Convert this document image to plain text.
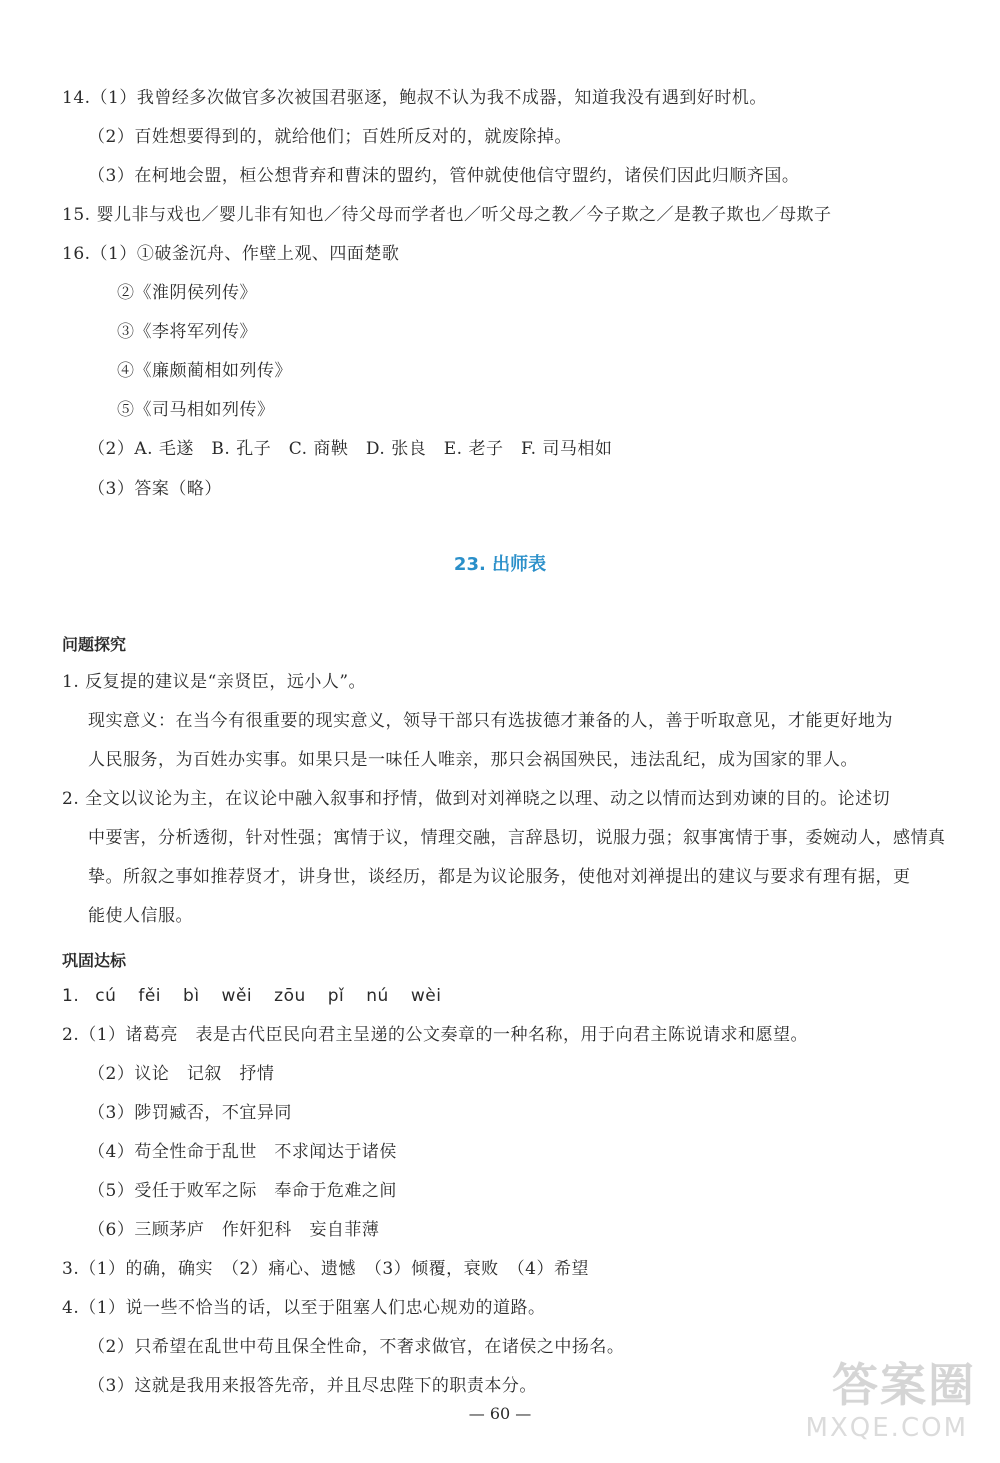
14.（1）我曾经多次做官多次被国君驱逐，鲍叔不认为我不成器，知道我没有遇到好时机。
（2）百姓想要得到的，就给他们；百姓所反对的，就废除掉。
（3）在柯地会盟，桓公想背弃和曹沫的盟约，管仲就使他信守盟约，诸侯们因此归顺齐国。
15. 婴儿非与戏也／婴儿非有知也／待父母而学者也／听父母之教／今子欺之／是教子欺也／母欺子
16.（1）①破釜沉舟、作壁上观、四面楚歌
②《淮阴侯列传》
③《李将军列传》
④《廉颇蔺相如列传》
⑤《司马相如列传》
（2）A. 毛遂　B. 孔子　C. 商鞅　D. 张良　E. 老子　F. 司马相如
（3）答案（略）
23. 出师表
问题探究
1. 反复提的建议是“亲贤臣，远小人”。
现实意义：在当今有很重要的现实意义，领导干部只有选拔德才兼备的人，善于听取意见，才能更好地为
人民服务，为百姓办实事。如果只是一味任人唯亲，那只会祸国殃民，违法乱纪，成为国家的罪人。
2. 全文以议论为主，在议论中融入叙事和抒情，做到对刘禅晓之以理、动之以情而达到劝谏的目的。论述切
中要害，分析透彻，针对性强；寓情于议，情理交融，言辞恳切，说服力强；叙事寓情于事，委婉动人，感情真
挚。所叙之事如推荐贤才，讲身世，谈经历，都是为议论服务，使他对刘禅提出的建议与要求有理有据，更
能使人信服。
巩固达标
1. cú fěi bì wěi zōu pǐ nú wèi
2.（1）诸葛亮　表是古代臣民向君主呈递的公文奏章的一种名称，用于向君主陈说请求和愿望。
（2）议论　记叙　抒情
（3）陟罚臧否，不宜异同
（4）苟全性命于乱世　不求闻达于诸侯
（5）受任于败军之际　奉命于危难之间
（6）三顾茅庐　作奸犯科　妄自菲薄
3.（1）的确，确实　（2）痛心、遗憾　（3）倾覆，衰败　（4）希望
4.（1）说一些不恰当的话，以至于阻塞人们忠心规劝的道路。
（2）只希望在乱世中苟且保全性命，不奢求做官，在诸侯之中扬名。
（3）这就是我用来报答先帝，并且尽忠陛下的职责本分。
— 60 —
答案圈
MXQE.COM
